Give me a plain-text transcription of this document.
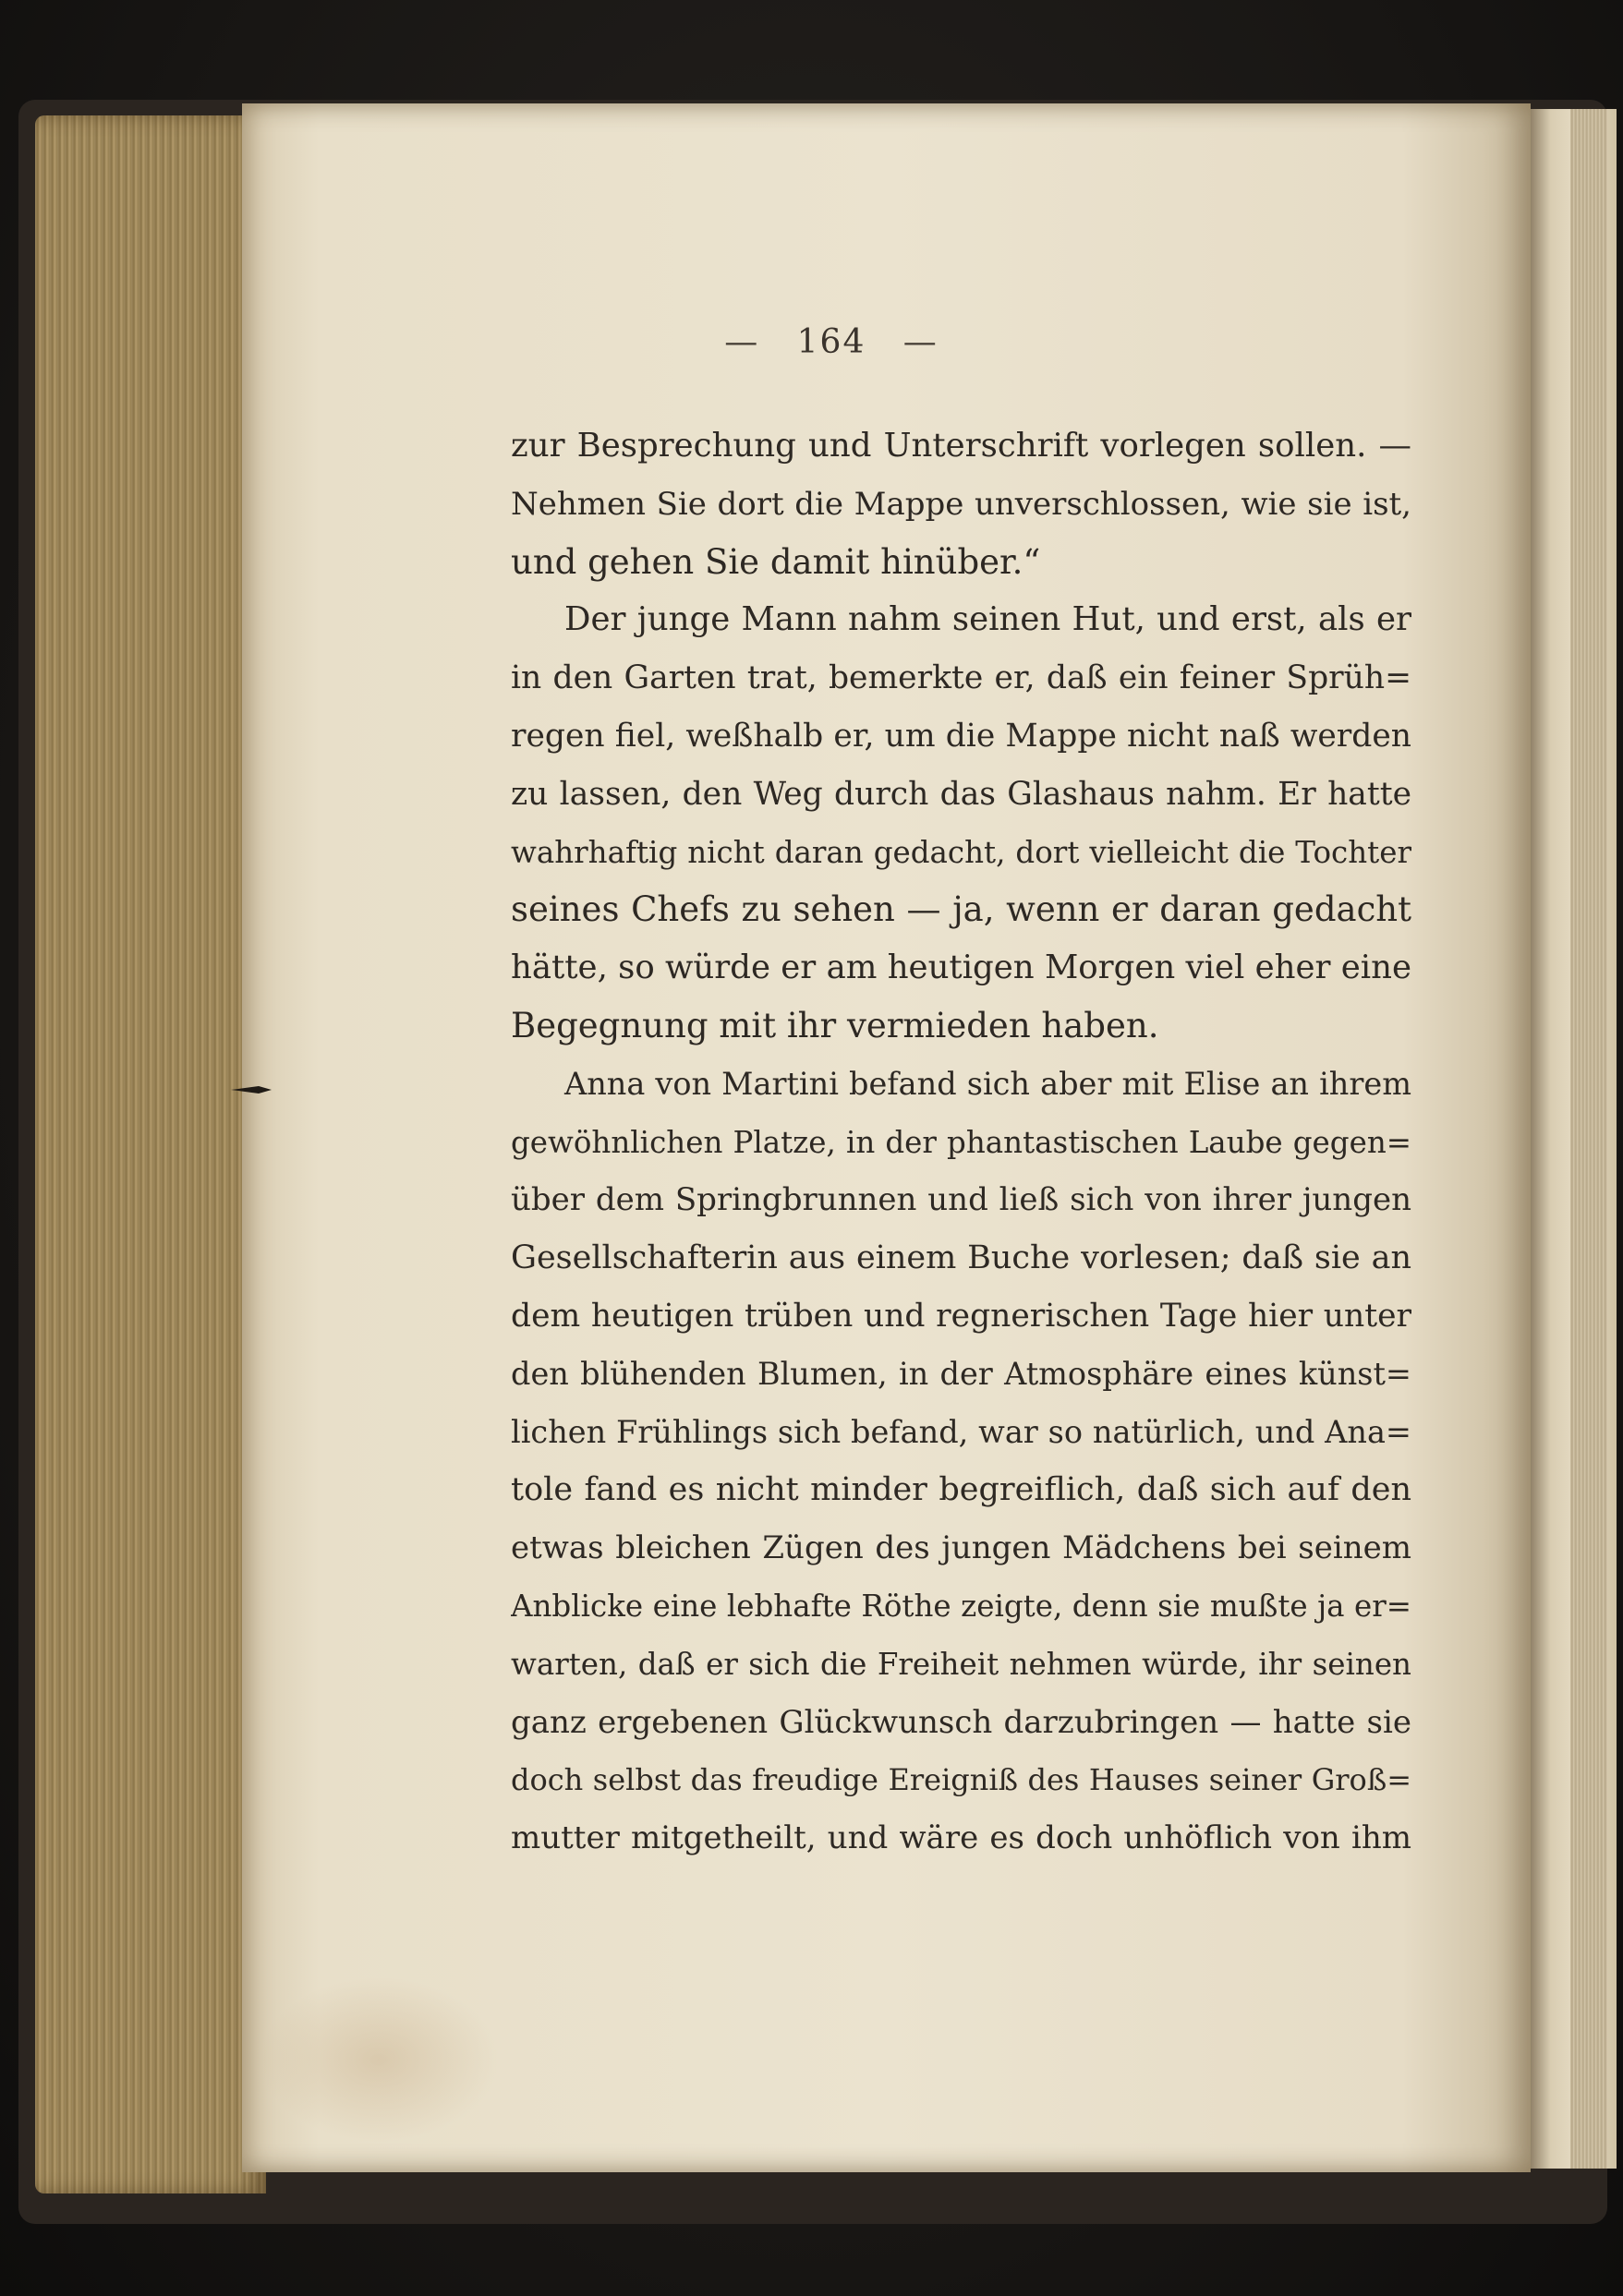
— 164 —
zur Besprechung und Unterschrift vorlegen sollen. —
Nehmen Sie dort die Mappe unverschlossen, wie sie ist,
und gehen Sie damit hinüber.“
Der junge Mann nahm seinen Hut, und erst, als er
in den Garten trat, bemerkte er, daß ein feiner Sprüh=
regen fiel, weßhalb er, um die Mappe nicht naß werden
zu lassen, den Weg durch das Glashaus nahm. Er hatte
wahrhaftig nicht daran gedacht, dort vielleicht die Tochter
seines Chefs zu sehen — ja, wenn er daran gedacht
hätte, so würde er am heutigen Morgen viel eher eine
Begegnung mit ihr vermieden haben.
Anna von Martini befand sich aber mit Elise an ihrem
gewöhnlichen Platze, in der phantastischen Laube gegen=
über dem Springbrunnen und ließ sich von ihrer jungen
Gesellschafterin aus einem Buche vorlesen; daß sie an
dem heutigen trüben und regnerischen Tage hier unter
den blühenden Blumen, in der Atmosphäre eines künst=
lichen Frühlings sich befand, war so natürlich, und Ana=
tole fand es nicht minder begreiflich, daß sich auf den
etwas bleichen Zügen des jungen Mädchens bei seinem
Anblicke eine lebhafte Röthe zeigte, denn sie mußte ja er=
warten, daß er sich die Freiheit nehmen würde, ihr seinen
ganz ergebenen Glückwunsch darzubringen — hatte sie
doch selbst das freudige Ereigniß des Hauses seiner Groß=
mutter mitgetheilt, und wäre es doch unhöflich von ihm
